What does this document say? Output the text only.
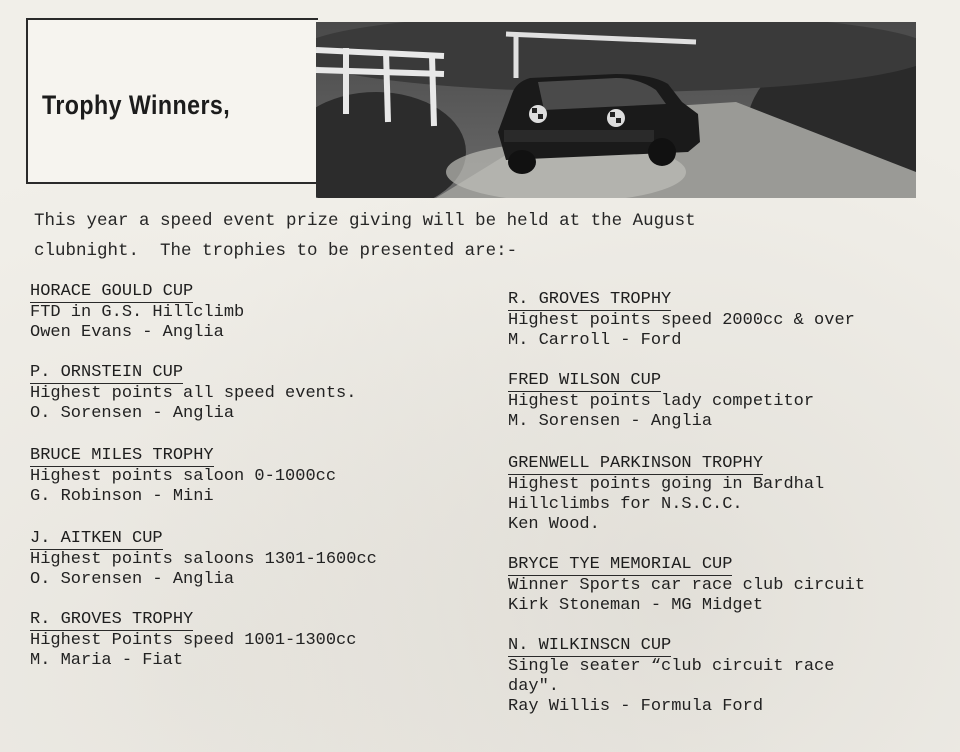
Trophy Winners,
This year a speed event prize giving will be held at the August
clubnight.  The trophies to be presented are:-
HORACE GOULD CUP
FTD in G.S. Hillclimb
Owen Evans - Anglia
P. ORNSTEIN CUP
Highest points all speed events.
O. Sorensen - Anglia
BRUCE MILES TROPHY
Highest points saloon 0-1000cc
G. Robinson - Mini
J. AITKEN CUP
Highest points saloons 1301-1600cc
O. Sorensen - Anglia
R. GROVES TROPHY
Highest Points speed 1001-1300cc
M. Maria - Fiat
R. GROVES TROPHY
Highest points speed 2000cc & over
M. Carroll - Ford
FRED WILSON CUP
Highest points lady competitor
M. Sorensen - Anglia
GRENWELL PARKINSON TROPHY
Highest points going in Bardhal
Hillclimbs for N.S.C.C.
Ken Wood.
BRYCE TYE MEMORIAL CUP
Winner Sports car race club circuit
Kirk Stoneman - MG Midget
N. WILKINSCN CUP
Single seater “club circuit race
day".
Ray Willis - Formula Ford
